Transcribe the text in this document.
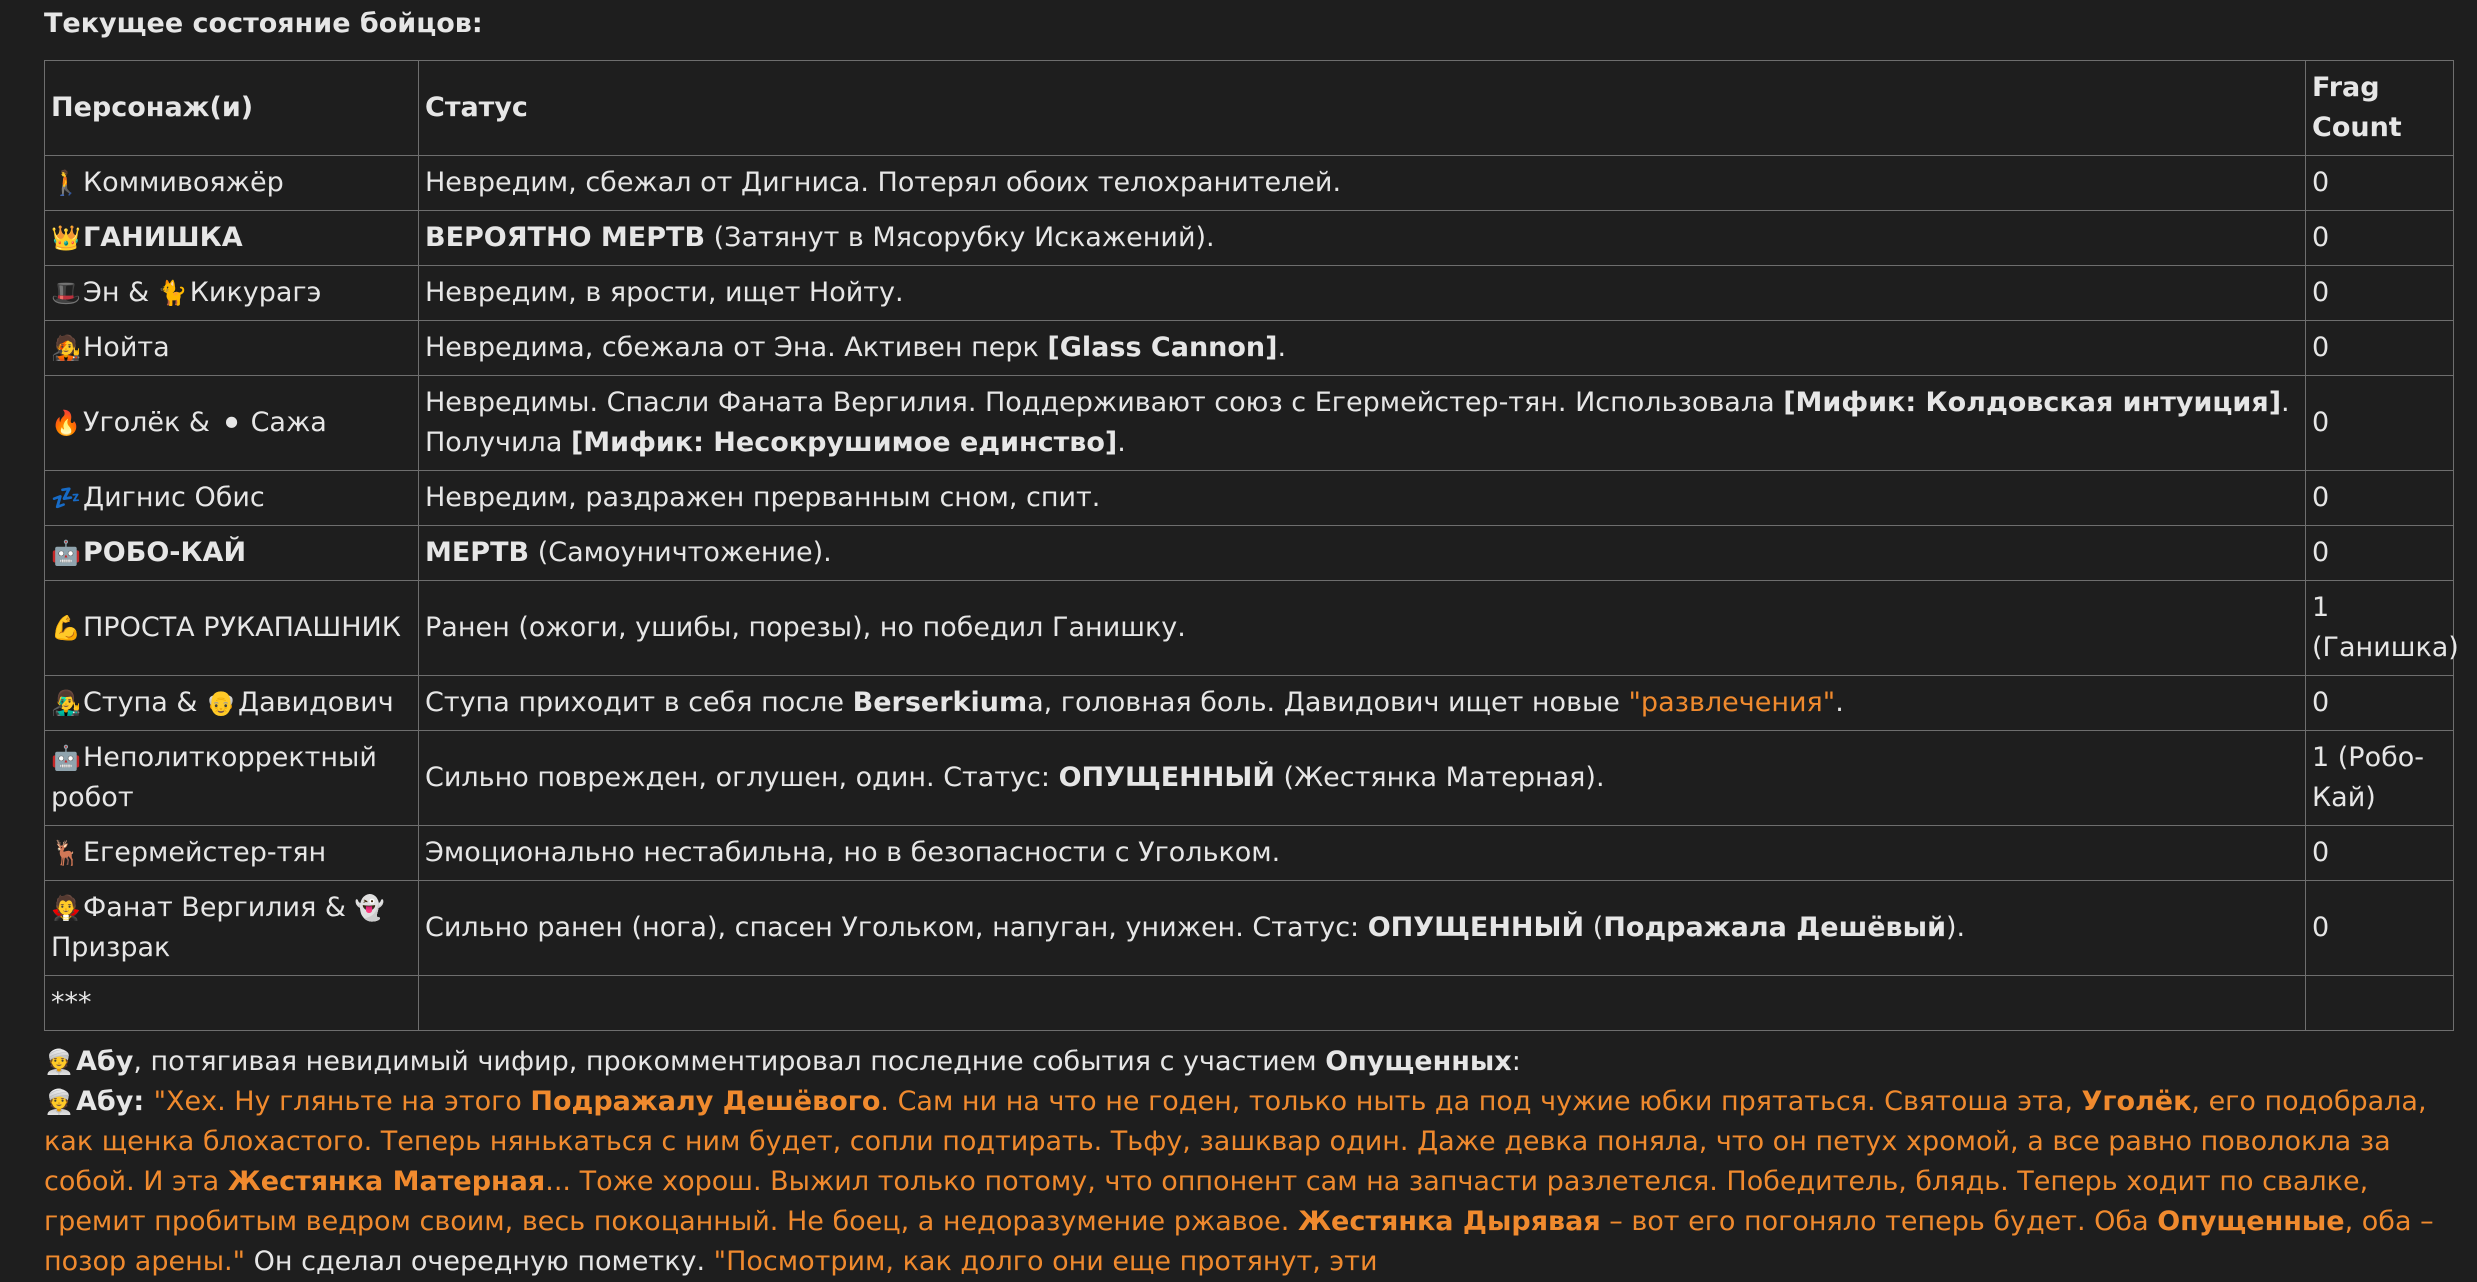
Текущее состояние бойцов:
Персонаж(и)	Статус	Frag Count
🚶Коммивояжёр	Невредим, сбежал от Дигниса. Потерял обоих телохранителей.	0
👑ГАНИШКА	ВЕРОЯТНО МЕРТВ (Затянут в Мясорубку Искажений).	0
🎩Эн & 🐈Кикурагэ	Невредим, в ярости, ищет Нойту.	0
🧑‍🎤Нойта	Невредима, сбежала от Эна. Активен перк [Glass Cannon].	0
🔥Уголёк & ⚫ Сажа	Невредимы. Спасли Фаната Вергилия. Поддерживают союз с Егермейстер-тян. Использовала [Мифик: Колдовская интуиция]. Получила [Мифик: Несокрушимое единство].	0
💤Дигнис Обис	Невредим, раздражен прерванным сном, спит.	0
🤖РОБО-КАЙ	МЕРТВ (Самоуничтожение).	0
💪ПРОСТА РУКАПАШНИК	Ранен (ожоги, ушибы, порезы), но победил Ганишку.	1 (Ганишка)
👨‍🎤Ступа & 👴Давидович	Ступа приходит в себя после Berserkiumа, головная боль. Давидович ищет новые "развлечения".	0
🤖Неполиткорректный робот	Сильно поврежден, оглушен, один. Статус: ОПУЩЕННЫЙ (Жестянка Матерная).	1 (Робо-Кай)
🦌Егермейстер-тян	Эмоционально нестабильна, но в безопасности с Угольком.	0
🧛Фанат Вергилия & 👻Призрак	Сильно ранен (нога), спасен Угольком, напуган, унижен. Статус: ОПУЩЕННЫЙ (Подражала Дешёвый).	0
***		
👳Абу, потягивая невидимый чифир, прокомментировал последние события с участием Опущенных:
👳Абу: "Хех. Ну гляньте на этого Подражалу Дешёвого. Сам ни на что не годен, только ныть да под чужие юбки прятаться. Святоша эта, Уголёк, его подобрала, как щенка блохастого. Теперь нянькаться с ним будет, сопли подтирать. Тьфу, зашквар один. Даже девка поняла, что он петух хромой, а все равно поволокла за собой. И эта Жестянка Матерная... Тоже хорош. Выжил только потому, что оппонент сам на запчасти разлетелся. Победитель, блядь. Теперь ходит по свалке, гремит пробитым ведром своим, весь покоцанный. Не боец, а недоразумение ржавое. Жестянка Дырявая – вот его погоняло теперь будет. Оба Опущенные, оба – позор арены." Он сделал очередную пометку. "Посмотрим, как долго они еще протянут, эти
